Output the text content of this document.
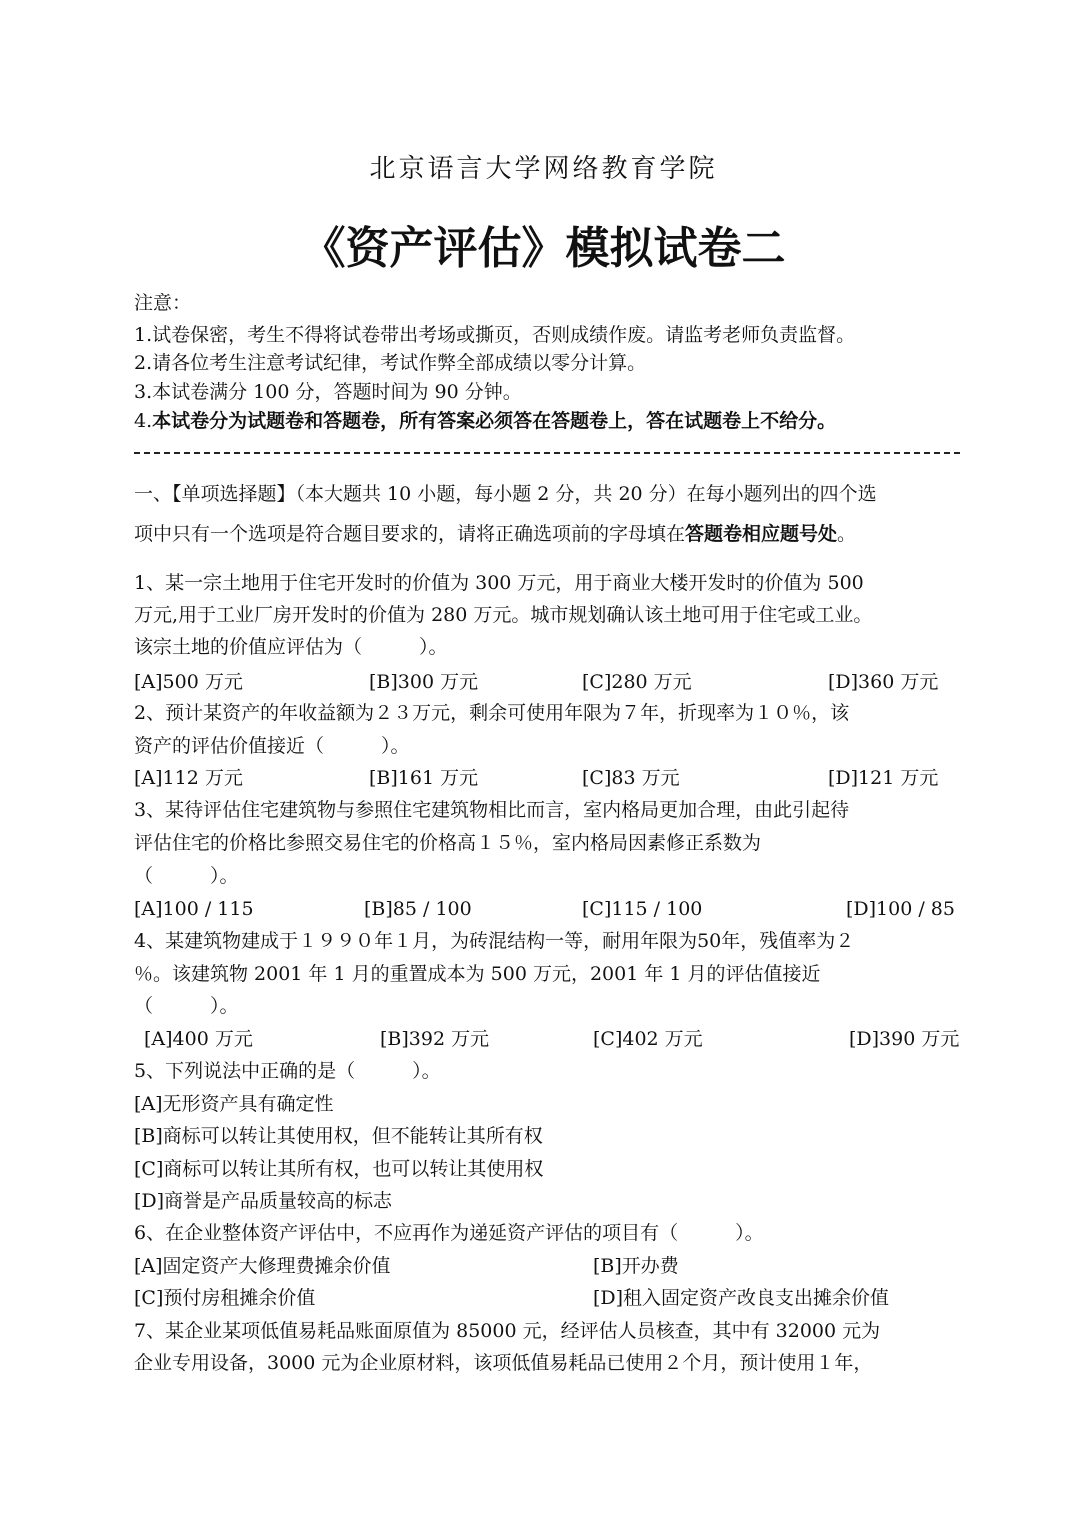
北京语言大学网络教育学院
《资产评估》模拟试卷二
注意：
1.试卷保密，考生不得将试卷带出考场或撕页，否则成绩作废。请监考老师负责监督。
2.请各位考生注意考试纪律，考试作弊全部成绩以零分计算。
3.本试卷满分 100 分，答题时间为 90 分钟。
4.本试卷分为试题卷和答题卷，所有答案必须答在答题卷上，答在试题卷上不给分。
一、【单项选择题】（本大题共 10 小题，每小题 2 分，共 20 分）在每小题列出的四个选
项中只有一个选项是符合题目要求的，请将正确选项前的字母填在答题卷相应题号处。
1、某一宗土地用于住宅开发时的价值为 300 万元，用于商业大楼开发时的价值为 500
万元,用于工业厂房开发时的价值为 280 万元。城市规划确认该土地可用于住宅或工业。
该宗土地的价值应评估为（　　　）。
[A]500 万元	[B]300 万元	[C]280 万元	[D]360 万元
2、预计某资产的年收益额为２３万元，剩余可使用年限为７年，折现率为１０％，该
资产的评估价值接近（　　　）。
[A]112 万元	[B]161 万元	[C]83 万元	[D]121 万元
3、某待评估住宅建筑物与参照住宅建筑物相比而言，室内格局更加合理，由此引起待
评估住宅的价格比参照交易住宅的价格高１５％，室内格局因素修正系数为
（　　　）。
[A]100 / 115	[B]85 / 100	[C]115 / 100	[D]100 / 85
4、某建筑物建成于１９９０年１月，为砖混结构一等，耐用年限为50年，残值率为２
％。该建筑物 2001 年 1 月的重置成本为 500 万元，2001 年 1 月的评估值接近
（　　　）。
[A]400 万元	[B]392 万元	[C]402 万元	[D]390 万元
5、下列说法中正确的是（　　　）。
[A]无形资产具有确定性
[B]商标可以转让其使用权，但不能转让其所有权
[C]商标可以转让其所有权，也可以转让其使用权
[D]商誉是产品质量较高的标志
6、在企业整体资产评估中，不应再作为递延资产评估的项目有（　　　）。
[A]固定资产大修理费摊余价值	[B]开办费
[C]预付房租摊余价值	[D]租入固定资产改良支出摊余价值
7、某企业某项低值易耗品账面原值为 85000 元，经评估人员核查，其中有 32000 元为
企业专用设备，3000 元为企业原材料，该项低值易耗品已使用２个月，预计使用１年，
